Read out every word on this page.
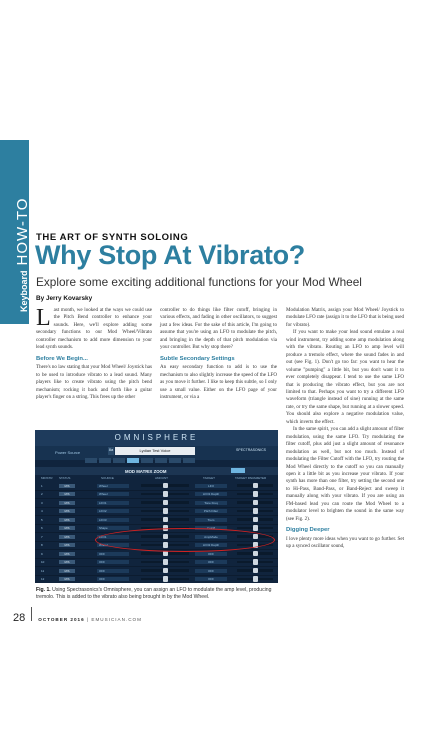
Keyboard
HOW-TO THE ART OF SYNTH SOLOING
Why Stop At Vibrato?
Explore some exciting additional functions for your Mod Wheel
By Jerry Kovarsky

Last month, we looked at the ways we could use the Pitch Bend controller to enhance your sounds. Here, we'll explore adding some secondary functions to our Mod Wheel/Vibrato controller mechanism to add more dimension to your lead synth sounds.

Before We Begin...

There's no law stating that your Mod Wheel/ Joystick has to be used to introduce vibrato to a lead sound. Many players like to create vibrato using the pitch bend mechanism; rocking it back and forth like a guitar player's finger on a string. This frees up the other

controller to do things like filter cutoff, bringing in various effects, and fading in other oscillators, to suggest just a few ideas. For the sake of this article, I'm going to assume that you're using an LFO to modulate the pitch, and bringing in the depth of that pitch modulation via your controller. But why stop there?

Subtle Secondary Settings

An easy secondary function to add is to use the mechanism to also slightly increase the speed of the LFO as you move it further. I like to keep this subtle, so I only use a small value. Either on the LFO page of your instrument, or via a

Modulation Matrix, assign your Mod Wheel/ Joystick to modulate LFO rate (assign it to the LFO that is being used for vibrato).

If you want to make your lead sound emulate a real wind instrument, try adding some amp modulation along with the vibrato. Routing an LFO to amp level will produce a tremolo effect, where the sound fades in and out (see Fig. 1). Don't go too far: you want to hear the volume "pumping" a little bit, but you don't want it to ever completely disappear. I tend to use the same LFO that is producing the vibrato effect, but you are not limited to that. Perhaps you want to try a different LFO waveform (triangle instead of sine) running at the same rate, or try the same shape, but running at a slower speed. You should also explore a negative modulation value, which inverts the effect.

In the same spirit, you can add a slight amount of filter modulation, using the same LFO. Try modulating the filter cutoff, plus add just a slight amount of resonance modulation as well, but not too much. Instead of modulating the Filter Cutoff with the LFO, try routing the Mod Wheel directly to the cutoff so you can manually open it a little bit as you increase your vibrato. If your synth has more than one filter, try setting the second one to Hi-Pass, Band-Pass, or Band-Reject and sweep it manually along with your vibrato. If you are using an FM-based lead you can route the Mod Wheel to a modulator level to brighten the sound in the same way (see Fig. 2).

Digging Deeper

I love plenty more ideas when you want to go further. Set up a synced oscillator sound,

OMNISPHERE
Power Source
8a	Lydian Test Voice	SPECTRASONICS
MOD MATRIX ZOOM
MIDSTR STATUS	SOURCE	AMOUNT	TARGET	TARGET PARAMETER
1	M/S	Wheel	LFO
2	M/S	Wheel	LFO1 Depth
3	M/S	LFO1	Tone Freq
4	M/S	LFO2	Pitch Filter
5	M/S	LFO3	Trem
6	M/S	Shape	Cutoff
7	M/S	LFO1	AmpMode
8	M/S	Wheel	LFO2 Depth
9	M/S	OFF	OFF
10	M/S	OFF	OFF
11	M/S	OFF	OFF
12	M/S	OFF	OFF
Fig. 1. Using Spectrasonics's Omnisphere, you can assign an LFO to modulate the amp level, producing tremolo. This is added to the vibrato also being brought in by the Mod Wheel.
28	OCTOBER 2016 | EMUSICIAN.COM
